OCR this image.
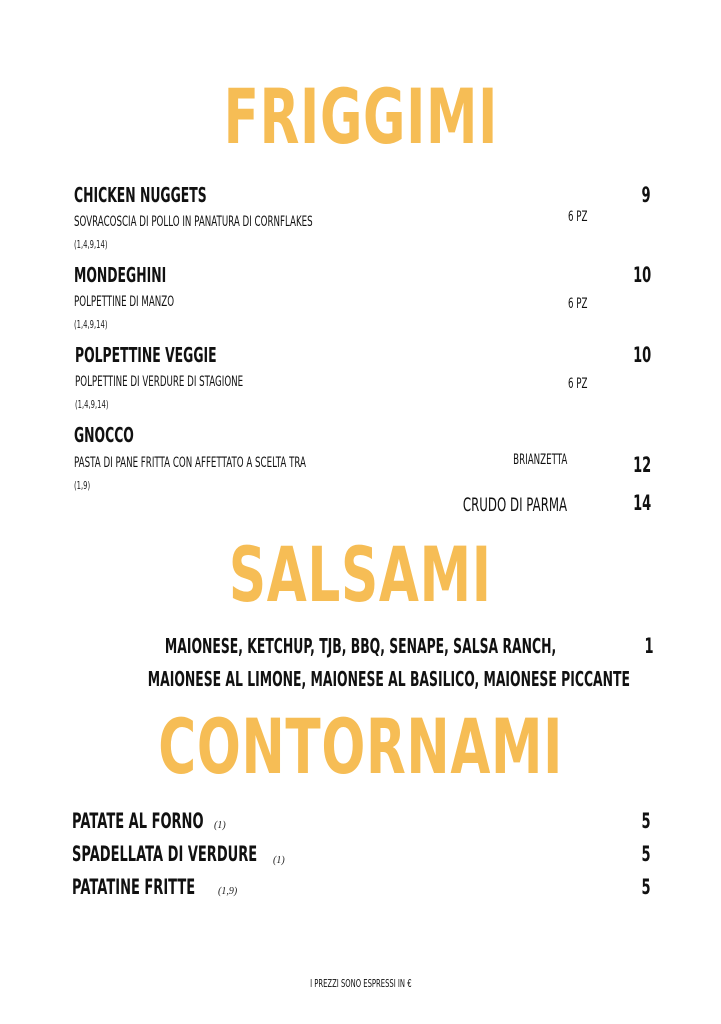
FRIGGIMI
CHICKEN NUGGETS	9
SOVRACOSCIA DI POLLO IN PANATURA DI CORNFLAKES	6 PZ
(1,4,9,14)
MONDEGHINI	10
POLPETTINE DI MANZO	6 PZ
(1,4,9,14)
POLPETTINE VEGGIE	10
POLPETTINE DI VERDURE DI STAGIONE	6 PZ
(1,4,9,14)
GNOCCO
PASTA DI PANE FRITTA CON AFFETTATO A SCELTA TRA
(1,9)
BRIANZETTA	12
CRUDO DI PARMA	14
SALSAMI
MAIONESE, KETCHUP, TJB, BBQ, SENAPE, SALSA RANCH,	1
MAIONESE AL LIMONE, MAIONESE AL BASILICO, MAIONESE PICCANTE
CONTORNAMI
PATATE AL FORNO	(1)	5
SPADELLATA DI VERDURE	(1)	5
PATATINE FRITTE	(1,9)	5
I PREZZI SONO ESPRESSI IN €
